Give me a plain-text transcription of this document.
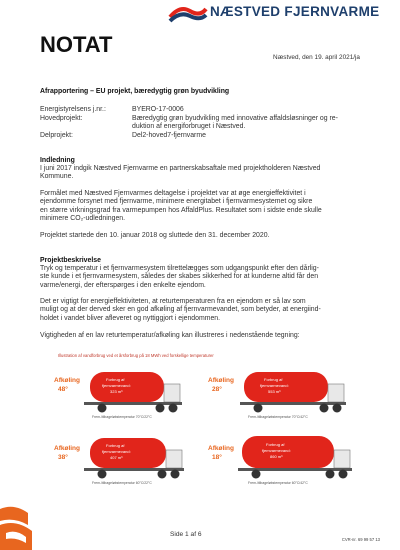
NÆSTVED FJERNVARME
NOTAT
Næstved, den 19. april 2021/ja
Afrapportering – EU projekt, bæredygtig grøn byudvikling
Energistyrelsens j.nr.:	BYERO-17-0006
Hovedprojekt:	Bæredygtig grøn byudvikling med innovative affaldsløsninger og re-
duktion af energiforbruget i Næstved.
Delprojekt:	Del2-hoved7-fjernvarme
Indledning
I juni 2017 indgik Næstved Fjernvarme en partnerskabsaftale med projektholderen Næstved
Kommune.
Formålet med Næstved Fjernvarmes deltagelse i projektet var at øge energieffektivitet i
ejendomme forsynet med fjernvarme, minimere energitabet i fjernvarmesystemet og sikre
en større virkningsgrad fra varmepumpen hos AffaldPlus. Resultatet som i sidste ende skulle
minimere CO₂-udledningen.
Projektet startede den 10. januar 2018 og sluttede den 31. december 2020.
Projektbeskrivelse
Tryk og temperatur i et fjernvarmesystem tilrettelægges som udgangspunkt efter den dårlig-
ste kunde i et fjernvarmesystem, således der skabes sikkerhed for at kunderne altid får den
varme/energi, der efterspørges i den enkelte ejendom.
Det er vigtigt for energieffektiviteten, at returtemperaturen fra en ejendom er så lav som
muligt og at der derved sker en god afkøling af fjernvarmevandet, som betyder, at energiind-
holdet i vandet bliver afleveret og nyttiggjort i ejendommen.
Vigtigheden af en lav returtemperatur/afkøling kan illustreres i nedenstående tegning:
Illustration af vandforbrug ved et årsforbrug på 18 MWh ved forskellige temperaturer
Afkøling
48°
Forbrug af
fjernvarmevand:
323 m³
Frem-/tilbageløbstemperatur 70°C/22°C
Afkøling
28°
Forbrug af
fjernvarmevand:
553 m³
Frem-/tilbageløbstemperatur 70°C/42°C
Afkøling
38°
Forbrug af
fjernvarmevand:
407 m³
Frem-/tilbageløbstemperatur 60°C/22°C
Afkøling
18°
Forbrug af
fjernvarmevand:
860 m³
Frem-/tilbageløbstemperatur 60°C/42°C
Side 1 af 6
CVR-nr. 69 99 57 13
